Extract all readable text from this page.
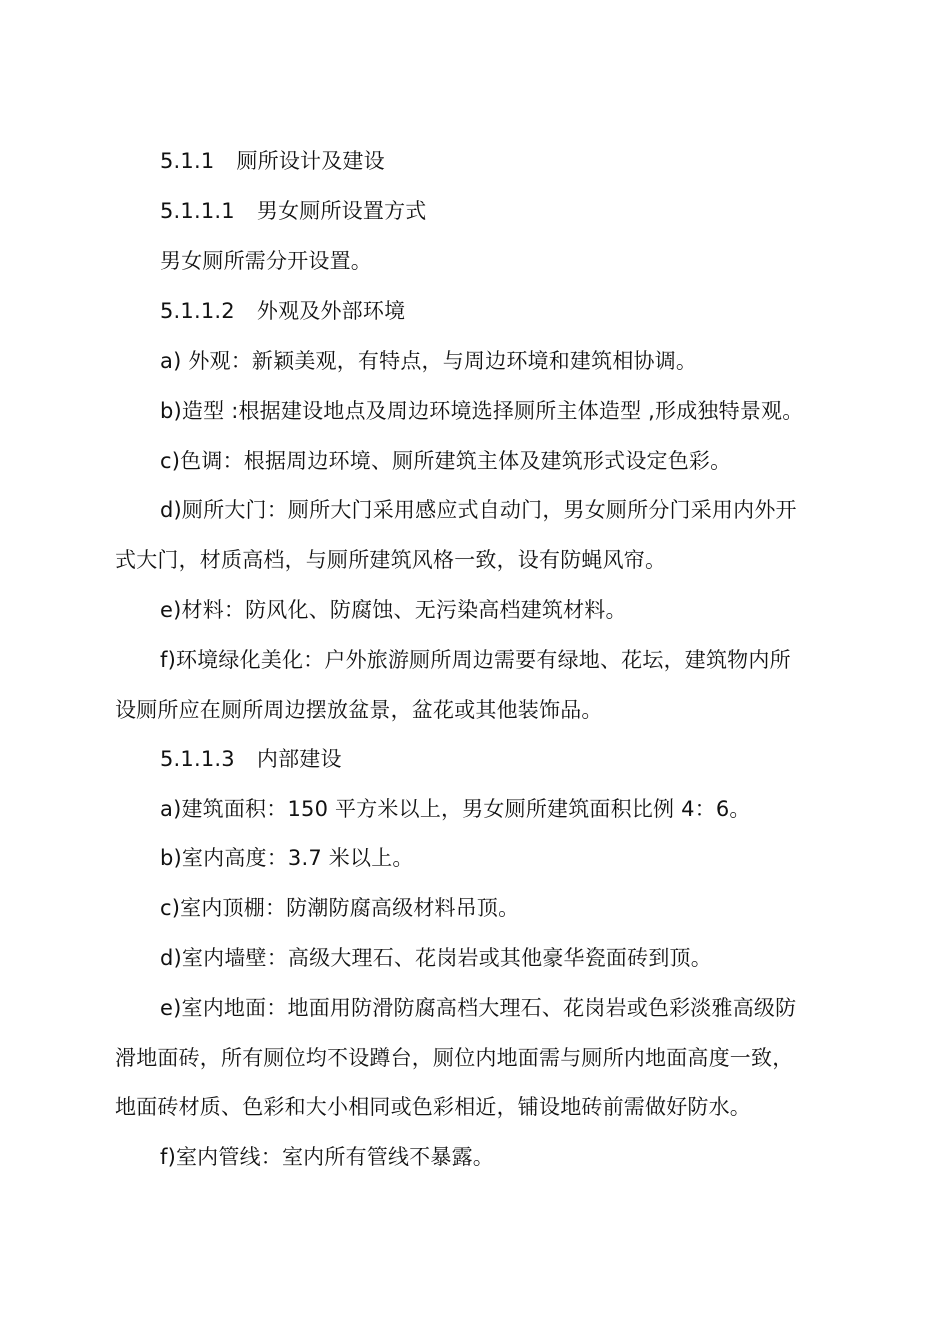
5.1.1 厕所设计及建设
5.1.1.1 男女厕所设置方式
男女厕所需分开设置。
5.1.1.2 外观及外部环境
a) 外观：新颖美观，有特点，与周边环境和建筑相协调。
b)造型 :根据建设地点及周边环境选择厕所主体造型 ,形成独特景观。
c)色调：根据周边环境、厕所建筑主体及建筑形式设定色彩。
d)厕所大门：厕所大门采用感应式自动门，男女厕所分门采用内外开
式大门，材质高档，与厕所建筑风格一致，设有防蝇风帘。
e)材料：防风化、防腐蚀、无污染高档建筑材料。
f)环境绿化美化：户外旅游厕所周边需要有绿地、花坛，建筑物内所
设厕所应在厕所周边摆放盆景，盆花或其他装饰品。
5.1.1.3 内部建设
a)建筑面积：150 平方米以上，男女厕所建筑面积比例 4：6。
b)室内高度：3.7 米以上。
c)室内顶棚：防潮防腐高级材料吊顶。
d)室内墙壁：高级大理石、花岗岩或其他豪华瓷面砖到顶。
e)室内地面：地面用防滑防腐高档大理石、花岗岩或色彩淡雅高级防
滑地面砖，所有厕位均不设蹲台，厕位内地面需与厕所内地面高度一致，
地面砖材质、色彩和大小相同或色彩相近，铺设地砖前需做好防水。
f)室内管线：室内所有管线不暴露。
